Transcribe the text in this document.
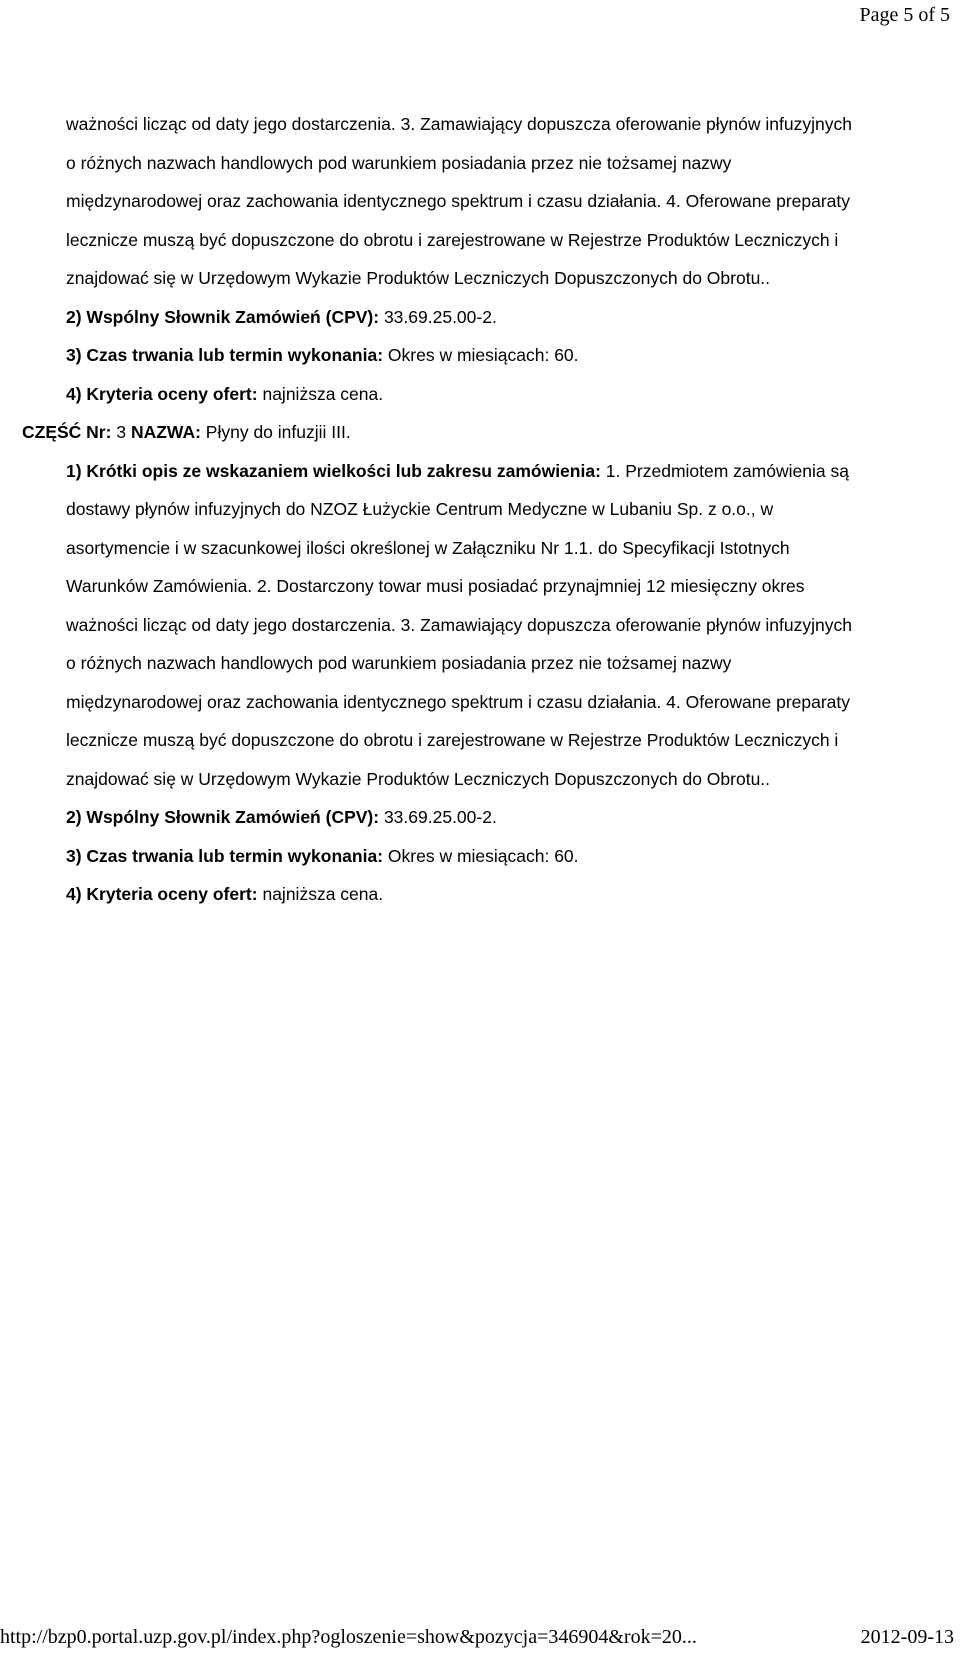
Page 5 of 5

ważności licząc od daty jego dostarczenia. 3. Zamawiający dopuszcza oferowanie płynów infuzyjnych

o różnych nazwach handlowych pod warunkiem posiadania przez nie tożsamej nazwy

międzynarodowej oraz zachowania identycznego spektrum i czasu działania. 4. Oferowane preparaty

lecznicze muszą być dopuszczone do obrotu i zarejestrowane w Rejestrze Produktów Leczniczych i

znajdować się w Urzędowym Wykazie Produktów Leczniczych Dopuszczonych do Obrotu..

2) Wspólny Słownik Zamówień (CPV): 33.69.25.00-2.

3) Czas trwania lub termin wykonania: Okres w miesiącach: 60.

4) Kryteria oceny ofert: najniższa cena.

CZĘŚĆ Nr: 3 NAZWA: Płyny do infuzjii III.

1) Krótki opis ze wskazaniem wielkości lub zakresu zamówienia: 1. Przedmiotem zamówienia są

dostawy płynów infuzyjnych do NZOZ Łużyckie Centrum Medyczne w Lubaniu Sp. z o.o., w

asortymencie i w szacunkowej ilości określonej w Załączniku Nr 1.1. do Specyfikacji Istotnych

Warunków Zamówienia. 2. Dostarczony towar musi posiadać przynajmniej 12 miesięczny okres

ważności licząc od daty jego dostarczenia. 3. Zamawiający dopuszcza oferowanie płynów infuzyjnych

o różnych nazwach handlowych pod warunkiem posiadania przez nie tożsamej nazwy

międzynarodowej oraz zachowania identycznego spektrum i czasu działania. 4. Oferowane preparaty

lecznicze muszą być dopuszczone do obrotu i zarejestrowane w Rejestrze Produktów Leczniczych i

znajdować się w Urzędowym Wykazie Produktów Leczniczych Dopuszczonych do Obrotu..

2) Wspólny Słownik Zamówień (CPV): 33.69.25.00-2.

3) Czas trwania lub termin wykonania: Okres w miesiącach: 60.

4) Kryteria oceny ofert: najniższa cena.

http://bzp0.portal.uzp.gov.pl/index.php?ogloszenie=show&pozycja=346904&rok=20...	2012-09-13
